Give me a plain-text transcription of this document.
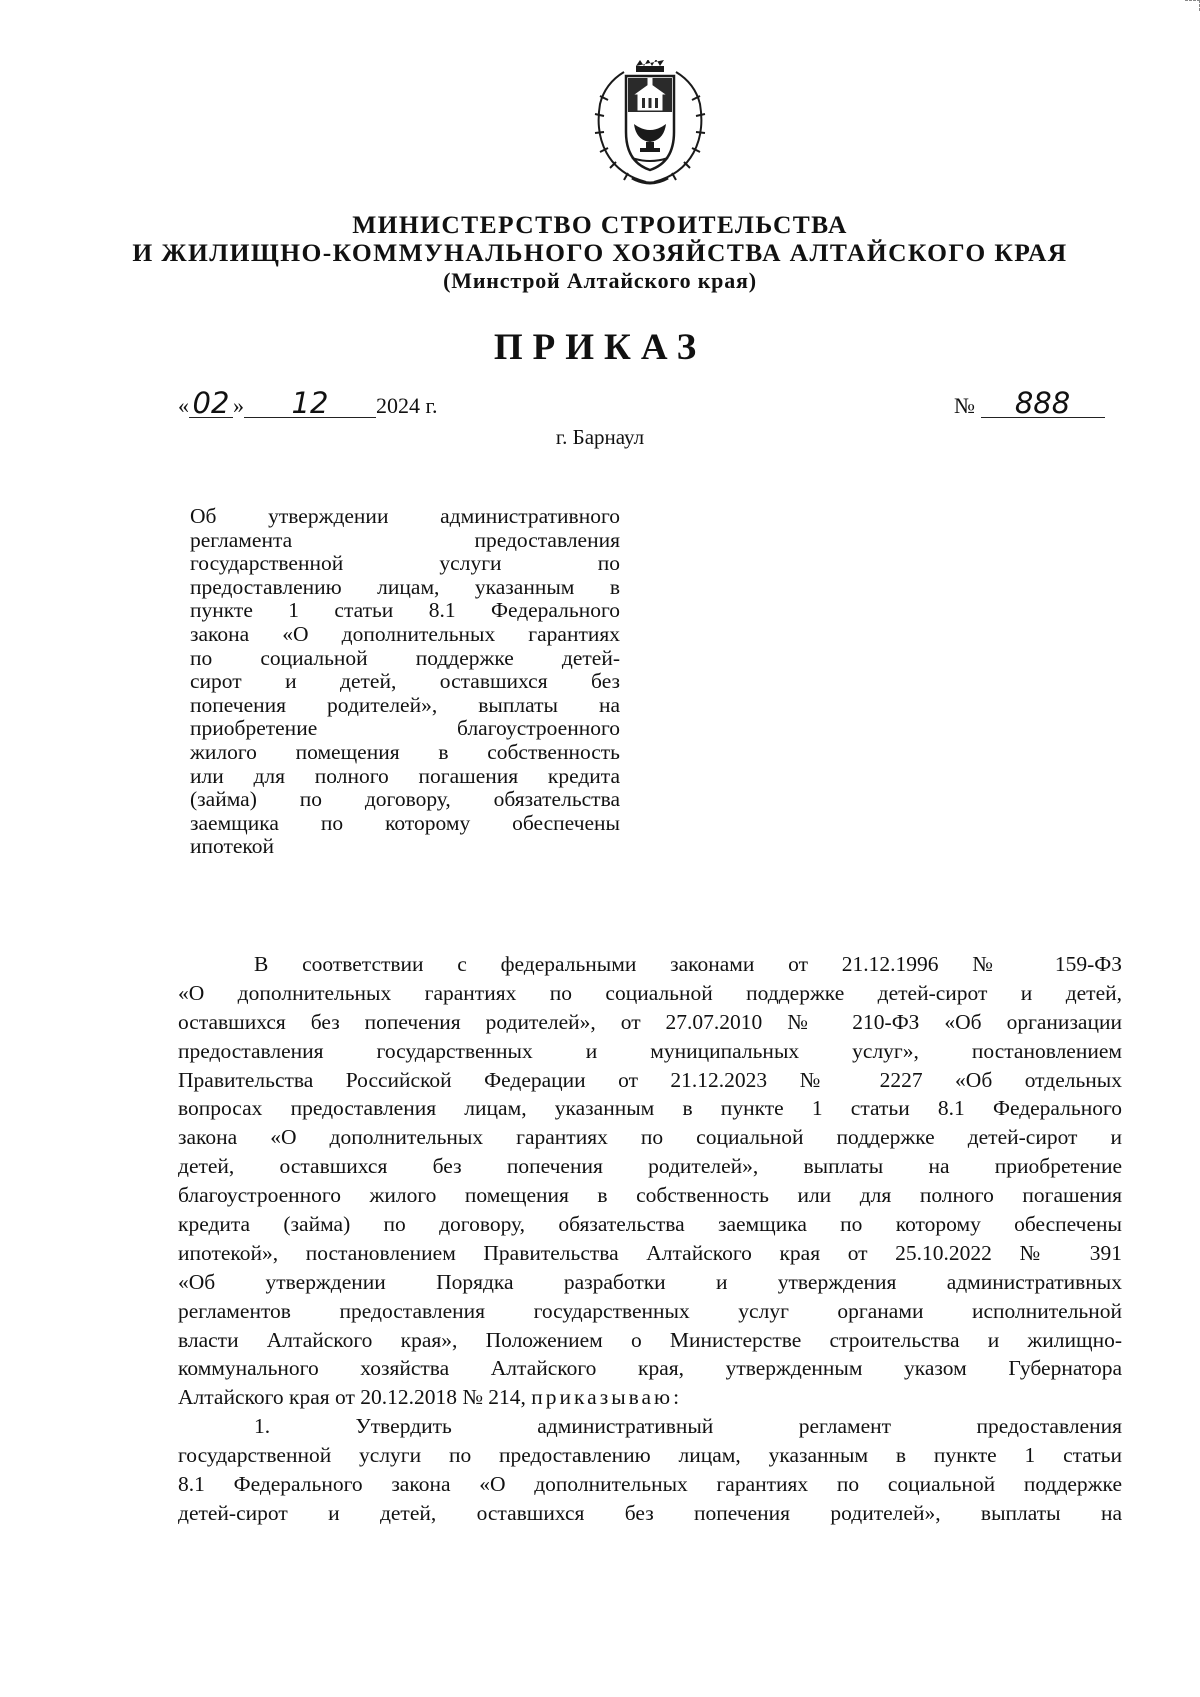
МИНИСТЕРСТВО СТРОИТЕЛЬСТВА
И ЖИЛИЩНО-КОММУНАЛЬНОГО ХОЗЯЙСТВА АЛТАЙСКОГО КРАЯ
(Минстрой Алтайского края)
ПРИКАЗ
« 02 » 12 2024 г.	№ 888
г. Барнаул
Об утверждении административного
регламента предоставления
государственной услуги по
предоставлению лицам, указанным в
пункте 1 статьи 8.1 Федерального
закона «О дополнительных гарантиях
по социальной поддержке детей-
сирот и детей, оставшихся без
попечения родителей», выплаты на
приобретение благоустроенного
жилого помещения в собственность
или для полного погашения кредита
(займа) по договору, обязательства
заемщика по которому обеспечены
ипотекой
В соответствии с федеральными законами от 21.12.1996 № 159-ФЗ
«О дополнительных гарантиях по социальной поддержке детей-сирот и детей,
оставшихся без попечения родителей», от 27.07.2010 № 210-ФЗ «Об организации
предоставления государственных и муниципальных услуг», постановлением
Правительства Российской Федерации от 21.12.2023 № 2227 «Об отдельных
вопросах предоставления лицам, указанным в пункте 1 статьи 8.1 Федерального
закона «О дополнительных гарантиях по социальной поддержке детей-сирот и
детей, оставшихся без попечения родителей», выплаты на приобретение
благоустроенного жилого помещения в собственность или для полного погашения
кредита (займа) по договору, обязательства заемщика по которому обеспечены
ипотекой», постановлением Правительства Алтайского края от 25.10.2022 № 391
«Об утверждении Порядка разработки и утверждения административных
регламентов предоставления государственных услуг органами исполнительной
власти Алтайского края», Положением о Министерстве строительства и жилищно-
коммунального хозяйства Алтайского края, утвержденным указом Губернатора
Алтайского края от 20.12.2018 № 214, приказываю:
1. Утвердить административный регламент предоставления
государственной услуги по предоставлению лицам, указанным в пункте 1 статьи
8.1 Федерального закона «О дополнительных гарантиях по социальной поддержке
детей-сирот и детей, оставшихся без попечения родителей», выплаты на
